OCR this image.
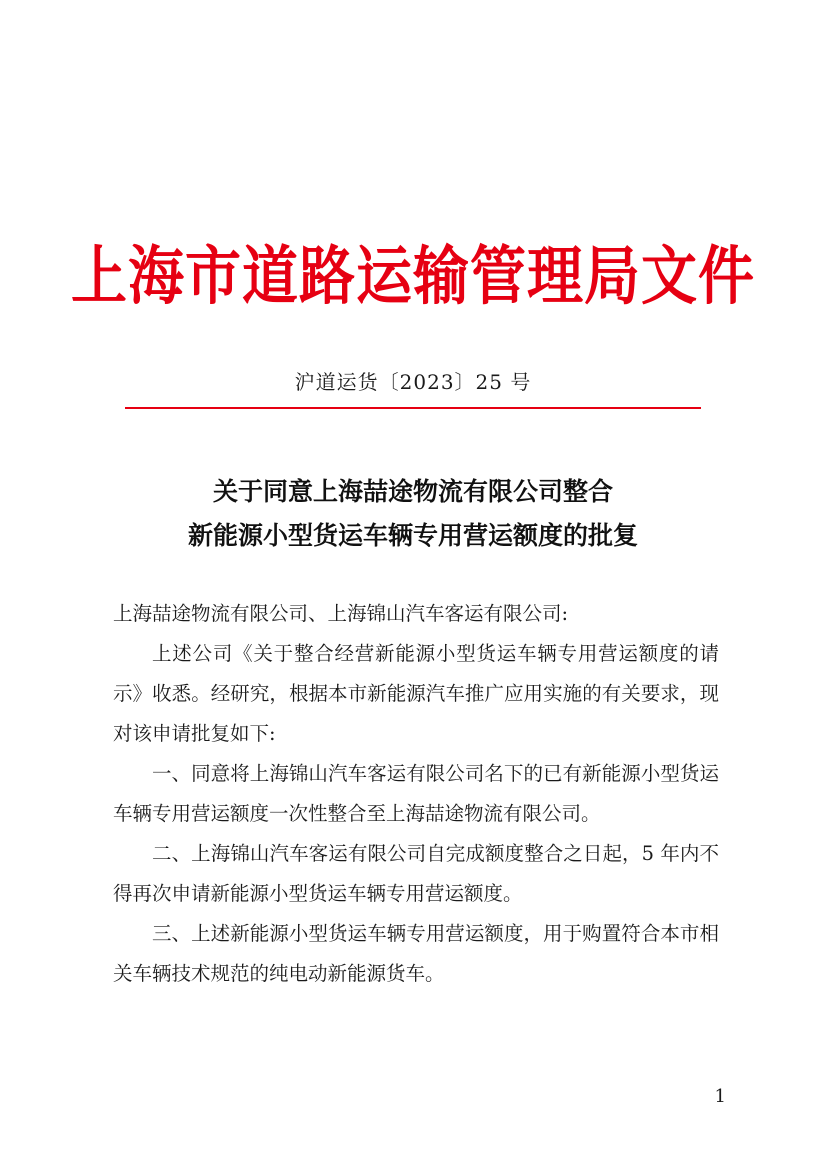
上海市道路运输管理局文件
沪道运货〔2023〕25 号
关于同意上海喆途物流有限公司整合
新能源小型货运车辆专用营运额度的批复

上海喆途物流有限公司、上海锦山汽车客运有限公司:

上述公司《关于整合经营新能源小型货运车辆专用营运额度的请示》收悉。经研究，根据本市新能源汽车推广应用实施的有关要求，现对该申请批复如下:

一、同意将上海锦山汽车客运有限公司名下的已有新能源小型货运车辆专用营运额度一次性整合至上海喆途物流有限公司。

二、上海锦山汽车客运有限公司自完成额度整合之日起，5 年内不得再次申请新能源小型货运车辆专用营运额度。

三、上述新能源小型货运车辆专用营运额度，用于购置符合本市相关车辆技术规范的纯电动新能源货车。

1
